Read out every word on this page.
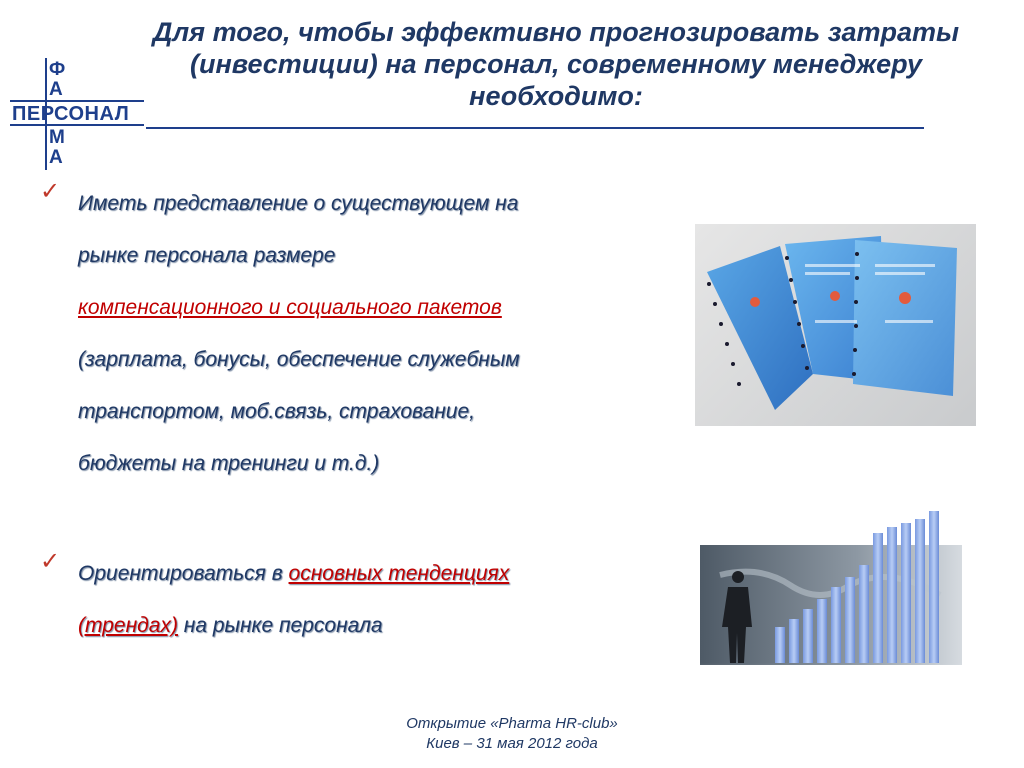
Ф
А
ПЕРСОНАЛ
М
А
Для того, чтобы эффективно прогнозировать затраты (инвестиции) на персонал, современному менеджеру необходимо:
✓ Иметь представление о существующем на
рынке персонала размере
компенсационного и социального пакетов
(зарплата, бонусы, обеспечение служебным
транспортом, моб.связь, страхование,
бюджеты на тренинги и т.д.)
✓ Ориентироваться в основных тенденциях
(трендах) на рынке персонала
Открытие «Pharma HR-club»
Киев – 31 мая 2012 года
